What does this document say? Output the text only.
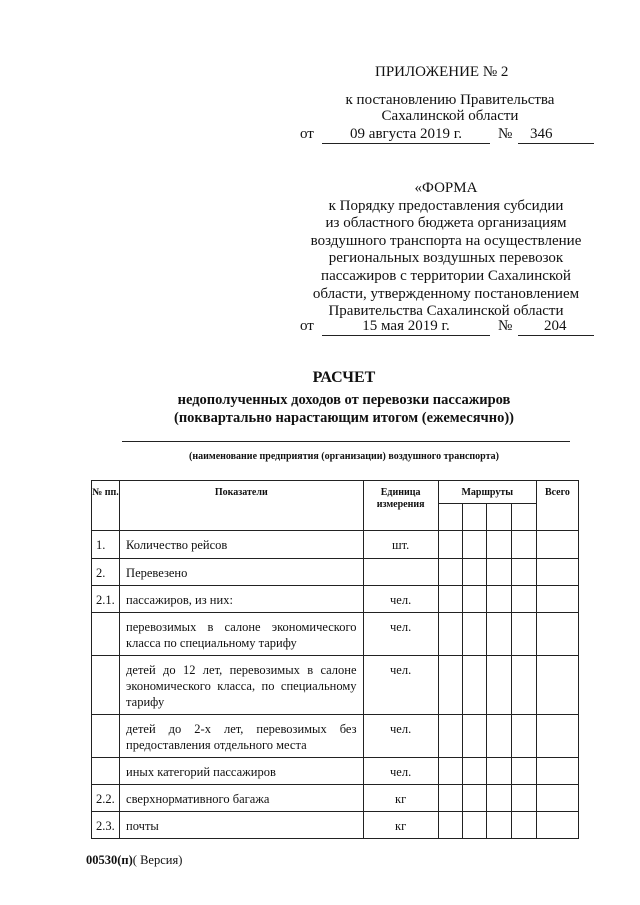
ПРИЛОЖЕНИЕ № 2
к постановлению Правительства
Сахалинской области
от	09 августа 2019 г.	№ 346
«ФОРМА
к Порядку предоставления субсидии
из областного бюджета организациям
воздушного транспорта на осуществление
региональных воздушных перевозок
пассажиров с территории Сахалинской
области, утвержденному постановлением
Правительства Сахалинской области
от	15 мая 2019 г.	№ 204
РАСЧЕТ
недополученных доходов от перевозки пассажиров
(поквартально нарастающим итогом (ежемесячно))
(наименование предприятия (организации) воздушного транспорта)
№ пп.	Показатели	Единица измерения	Маршруты				Всего

1.	Количество рейсов	шт.					
2.	Перевезено						
2.1.	пассажиров, из них:	чел.					
	перевозимых в салоне экономического класса по специальному тарифу	чел.					
	детей до 12 лет, перевозимых в салоне экономического класса, по специальному тарифу	чел.					
	детей до 2-х лет, перевозимых без предоставления отдельного места	чел.					
	иных категорий пассажиров	чел.					
2.2.	сверхнормативного багажа	кг					
2.3.	почты	кг					
00530(п)( Версия)
